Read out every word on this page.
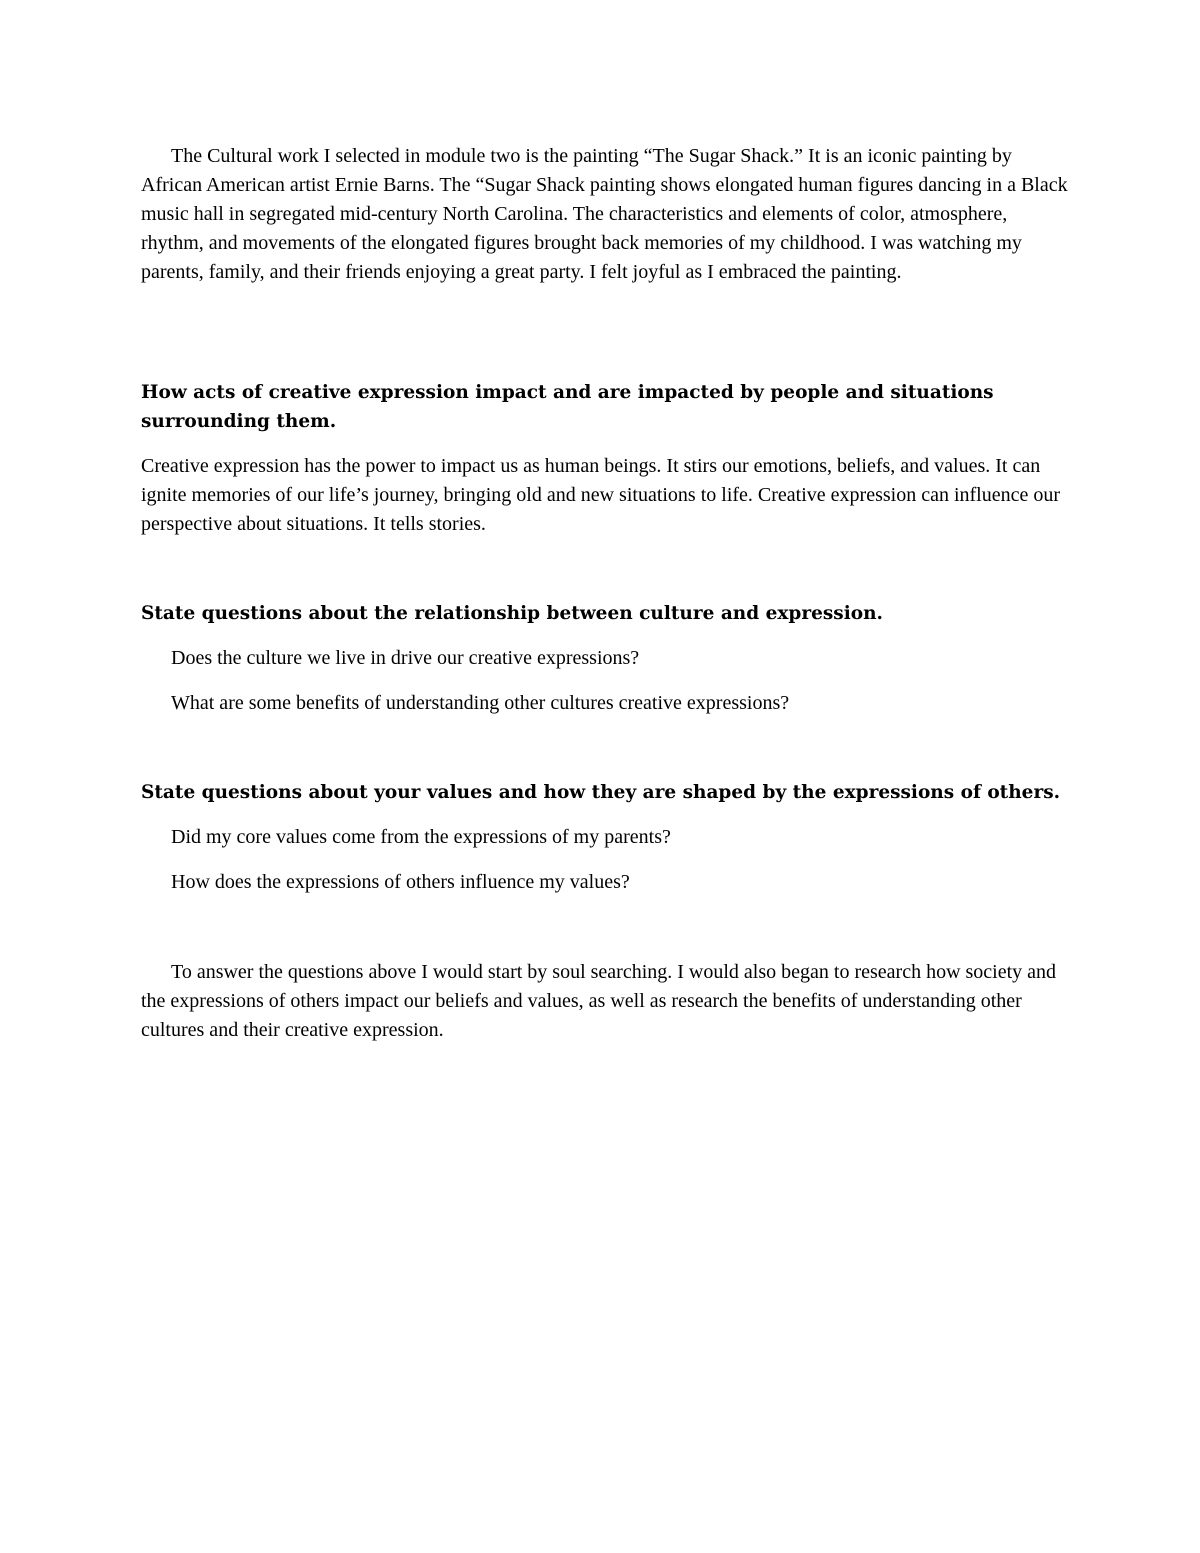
The Cultural work I selected in module two is the painting “The Sugar Shack.” It is an iconic painting by African American artist Ernie Barns. The “Sugar Shack painting shows elongated human figures dancing in a Black music hall in segregated mid-century North Carolina. The characteristics and elements of color, atmosphere, rhythm, and movements of the elongated figures brought back memories of my childhood. I was watching my parents, family, and their friends enjoying a great party. I felt joyful as I embraced the painting.

How acts of creative expression impact and are impacted by people and situations surrounding them.

Creative expression has the power to impact us as human beings. It stirs our emotions, beliefs, and values. It can ignite memories of our life’s journey, bringing old and new situations to life. Creative expression can influence our perspective about situations. It tells stories.

State questions about the relationship between culture and expression.

Does the culture we live in drive our creative expressions?

What are some benefits of understanding other cultures creative expressions?

State questions about your values and how they are shaped by the expressions of others.

Did my core values come from the expressions of my parents?

How does the expressions of others influence my values?

To answer the questions above I would start by soul searching. I would also began to research how society and the expressions of others impact our beliefs and values, as well as research the benefits of understanding other cultures and their creative expression.
